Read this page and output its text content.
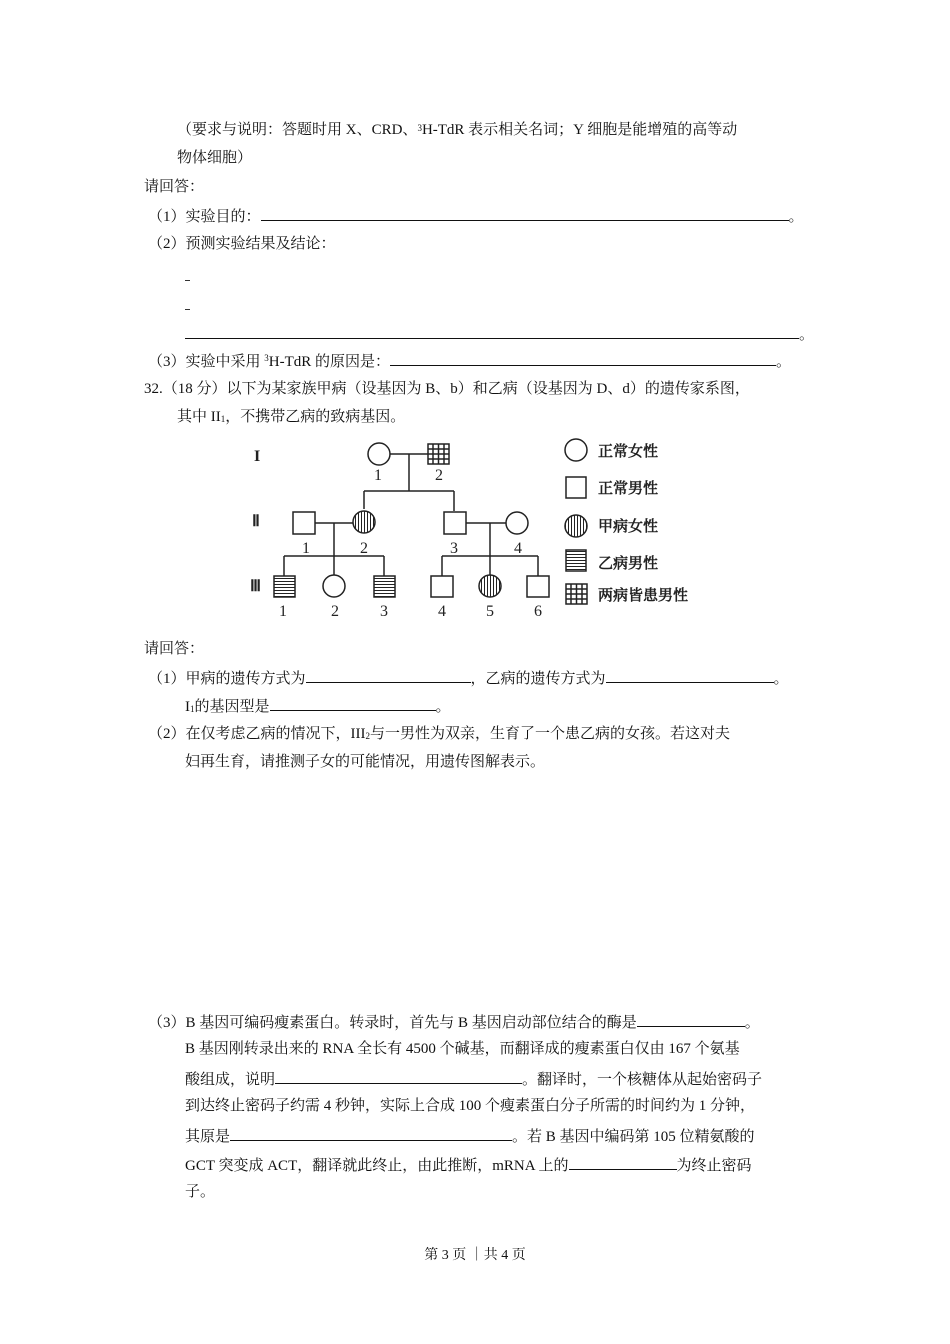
（要求与说明：答题时用 X、CRD、$^3$H-TdR 表示相关名词；Y 细胞是能增殖的高等动
物体细胞）
请回答：
（1）实验目的：	。
（2）预测实验结果及结论：
。
（3）实验中采用 $^3$H-TdR 的原因是：	。
32.（18 分）以下为某家族甲病（设基因为 B、b）和乙病（设基因为 D、d）的遗传家系图，
其中 $II_1$，不携带乙病的致病基因。
I
Ⅱ
Ⅲ
1	2
1	2	3	4
1	2	3	4	5	6
正常女性
正常男性
甲病女性
乙病男性
两病皆患男性
请回答：
（1）甲病的遗传方式为	，乙病的遗传方式为	。
$I_1$的基因型是	。
（2）在仅考虑乙病的情况下，$III_2$与一男性为双亲，生育了一个患乙病的女孩。若这对夫
妇再生育，请推测子女的可能情况，用遗传图解表示。
（3）B 基因可编码瘦素蛋白。转录时，首先与 B 基因启动部位结合的酶是	。
B 基因刚转录出来的 RNA 全长有 4500 个碱基，而翻译成的瘦素蛋白仅由 167 个氨基
酸组成，说明	。翻译时，一个核糖体从起始密码子
到达终止密码子约需 4 秒钟，实际上合成 100 个瘦素蛋白分子所需的时间约为 1 分钟，
其原是	。若 B 基因中编码第 105 位精氨酸的
GCT 突变成 ACT，翻译就此终止，由此推断，mRNA 上的	为终止密码
子。
第 3 页 ｜共 4 页
